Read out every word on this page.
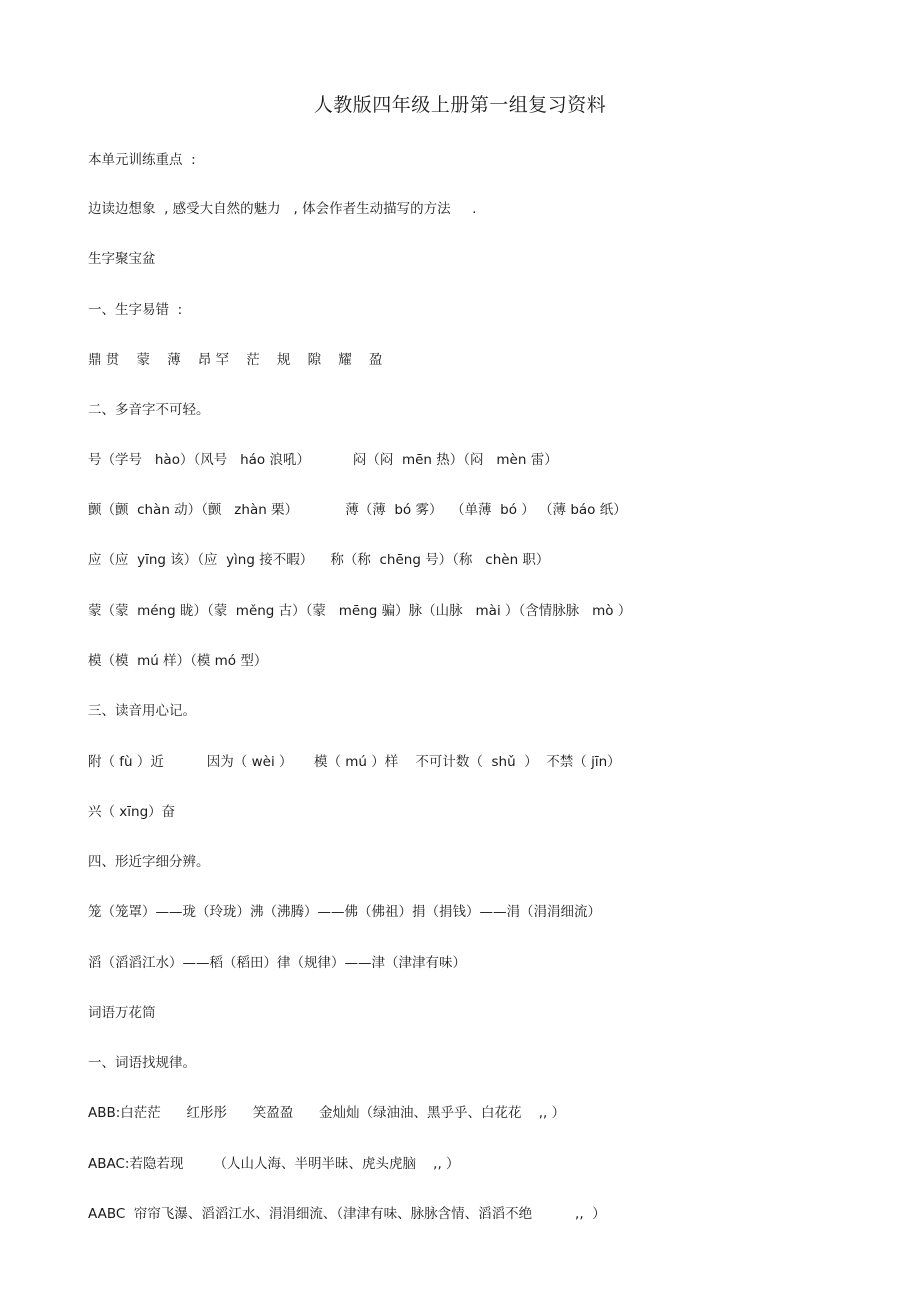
人教版四年级上册第一组复习资料
本单元训练重点  :
边读边想象  , 感受大自然的魅力   , 体会作者生动描写的方法     .
生字聚宝盆
一、生字易错  :
鼎 贯    蒙    薄    昂 罕    茫    规    隙    耀    盈
二、多音字不可轻。
号（学号   hào）（风号   háo 浪吼）          闷（闷  mēn 热）（闷   mèn 雷）
颤（颤  chàn 动）（颤   zhàn 栗）           薄（薄  bó 雾）  （单薄  bó ） （薄 báo 纸）
应（应  yīng 该）（应  yìng 接不暇）    称（称  chēng 号）（称   chèn 职）
蒙（蒙  méng 眬）（蒙  měng 古）（蒙   mēng 骗）脉（山脉   mài ）（含情脉脉   mò ）
模（模  mú 样）（模 mó 型）
三、读音用心记。
附（ fù ）近          因为（ wèi ）     模（ mú ）样    不可计数（  shǔ  ）  不禁（ jīn）
兴（ xīng）奋
四、形近字细分辨。
笼（笼罩）——珑（玲珑）沸（沸腾）——佛（佛祖）捐（捐钱）——涓（涓涓细流）
滔（滔滔江水）——稻（稻田）律（规律）——津（津津有味）
词语万花筒
一、词语找规律。
ABB:白茫茫      红彤彤      笑盈盈      金灿灿（绿油油、黑乎乎、白花花    ,, ）
ABAC:若隐若现       （人山人海、半明半昧、虎头虎脑    ,, ）
AABC  帘帘飞瀑、滔滔江水、涓涓细流、（津津有味、脉脉含情、滔滔不绝          ,,  ）
